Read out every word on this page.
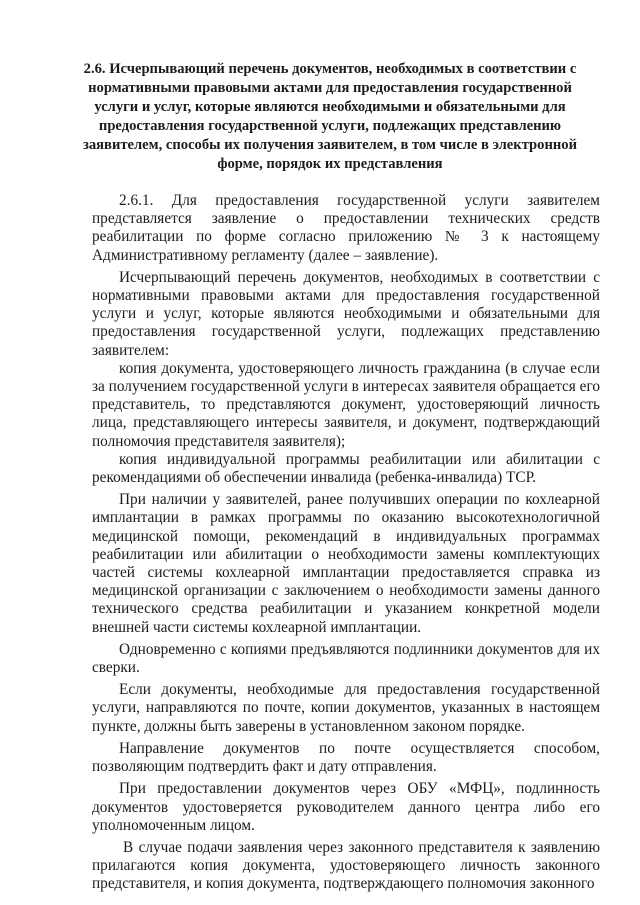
2.6. Исчерпывающий перечень документов, необходимых в соответствии с нормативными правовыми актами для предоставления государственной услуги и услуг, которые являются необходимыми и обязательными для предоставления государственной услуги, подлежащих представлению заявителем, способы их получения заявителем, в том числе в электронной форме, порядок их представления

2.6.1. Для предоставления государственной услуги заявителем представляется заявление о предоставлении технических средств реабилитации по форме согласно приложению № 3 к настоящему Административному регламенту (далее – заявление).

Исчерпывающий перечень документов, необходимых в соответствии с нормативными правовыми актами для предоставления государственной услуги и услуг, которые являются необходимыми и обязательными для предоставления государственной услуги, подлежащих представлению заявителем:

копия документа, удостоверяющего личность гражданина (в случае если за получением государственной услуги в интересах заявителя обращается его представитель, то представляются документ, удостоверяющий личность лица, представляющего интересы заявителя, и документ, подтверждающий полномочия представителя заявителя);

копия индивидуальной программы реабилитации или абилитации с рекомендациями об обеспечении инвалида (ребенка-инвалида) ТСР.

При наличии у заявителей, ранее получивших операции по кохлеарной имплантации в рамках программы по оказанию высокотехнологичной медицинской помощи, рекомендаций в индивидуальных программах реабилитации или абилитации о необходимости замены комплектующих частей системы кохлеарной имплантации предоставляется справка из медицинской организации с заключением о необходимости замены данного технического средства реабилитации и указанием конкретной модели внешней части системы кохлеарной имплантации.

Одновременно с копиями предъявляются подлинники документов для их сверки.

Если документы, необходимые для предоставления государственной услуги, направляются по почте, копии документов, указанных в настоящем пункте, должны быть заверены в установленном законом порядке.

Направление документов по почте осуществляется способом, позволяющим подтвердить факт и дату отправления.

При предоставлении документов через ОБУ «МФЦ», подлинность документов удостоверяется руководителем данного центра либо его уполномоченным лицом.

В случае подачи заявления через законного представителя к заявлению прилагаются копия документа, удостоверяющего личность законного представителя, и копия документа, подтверждающего полномочия законного
